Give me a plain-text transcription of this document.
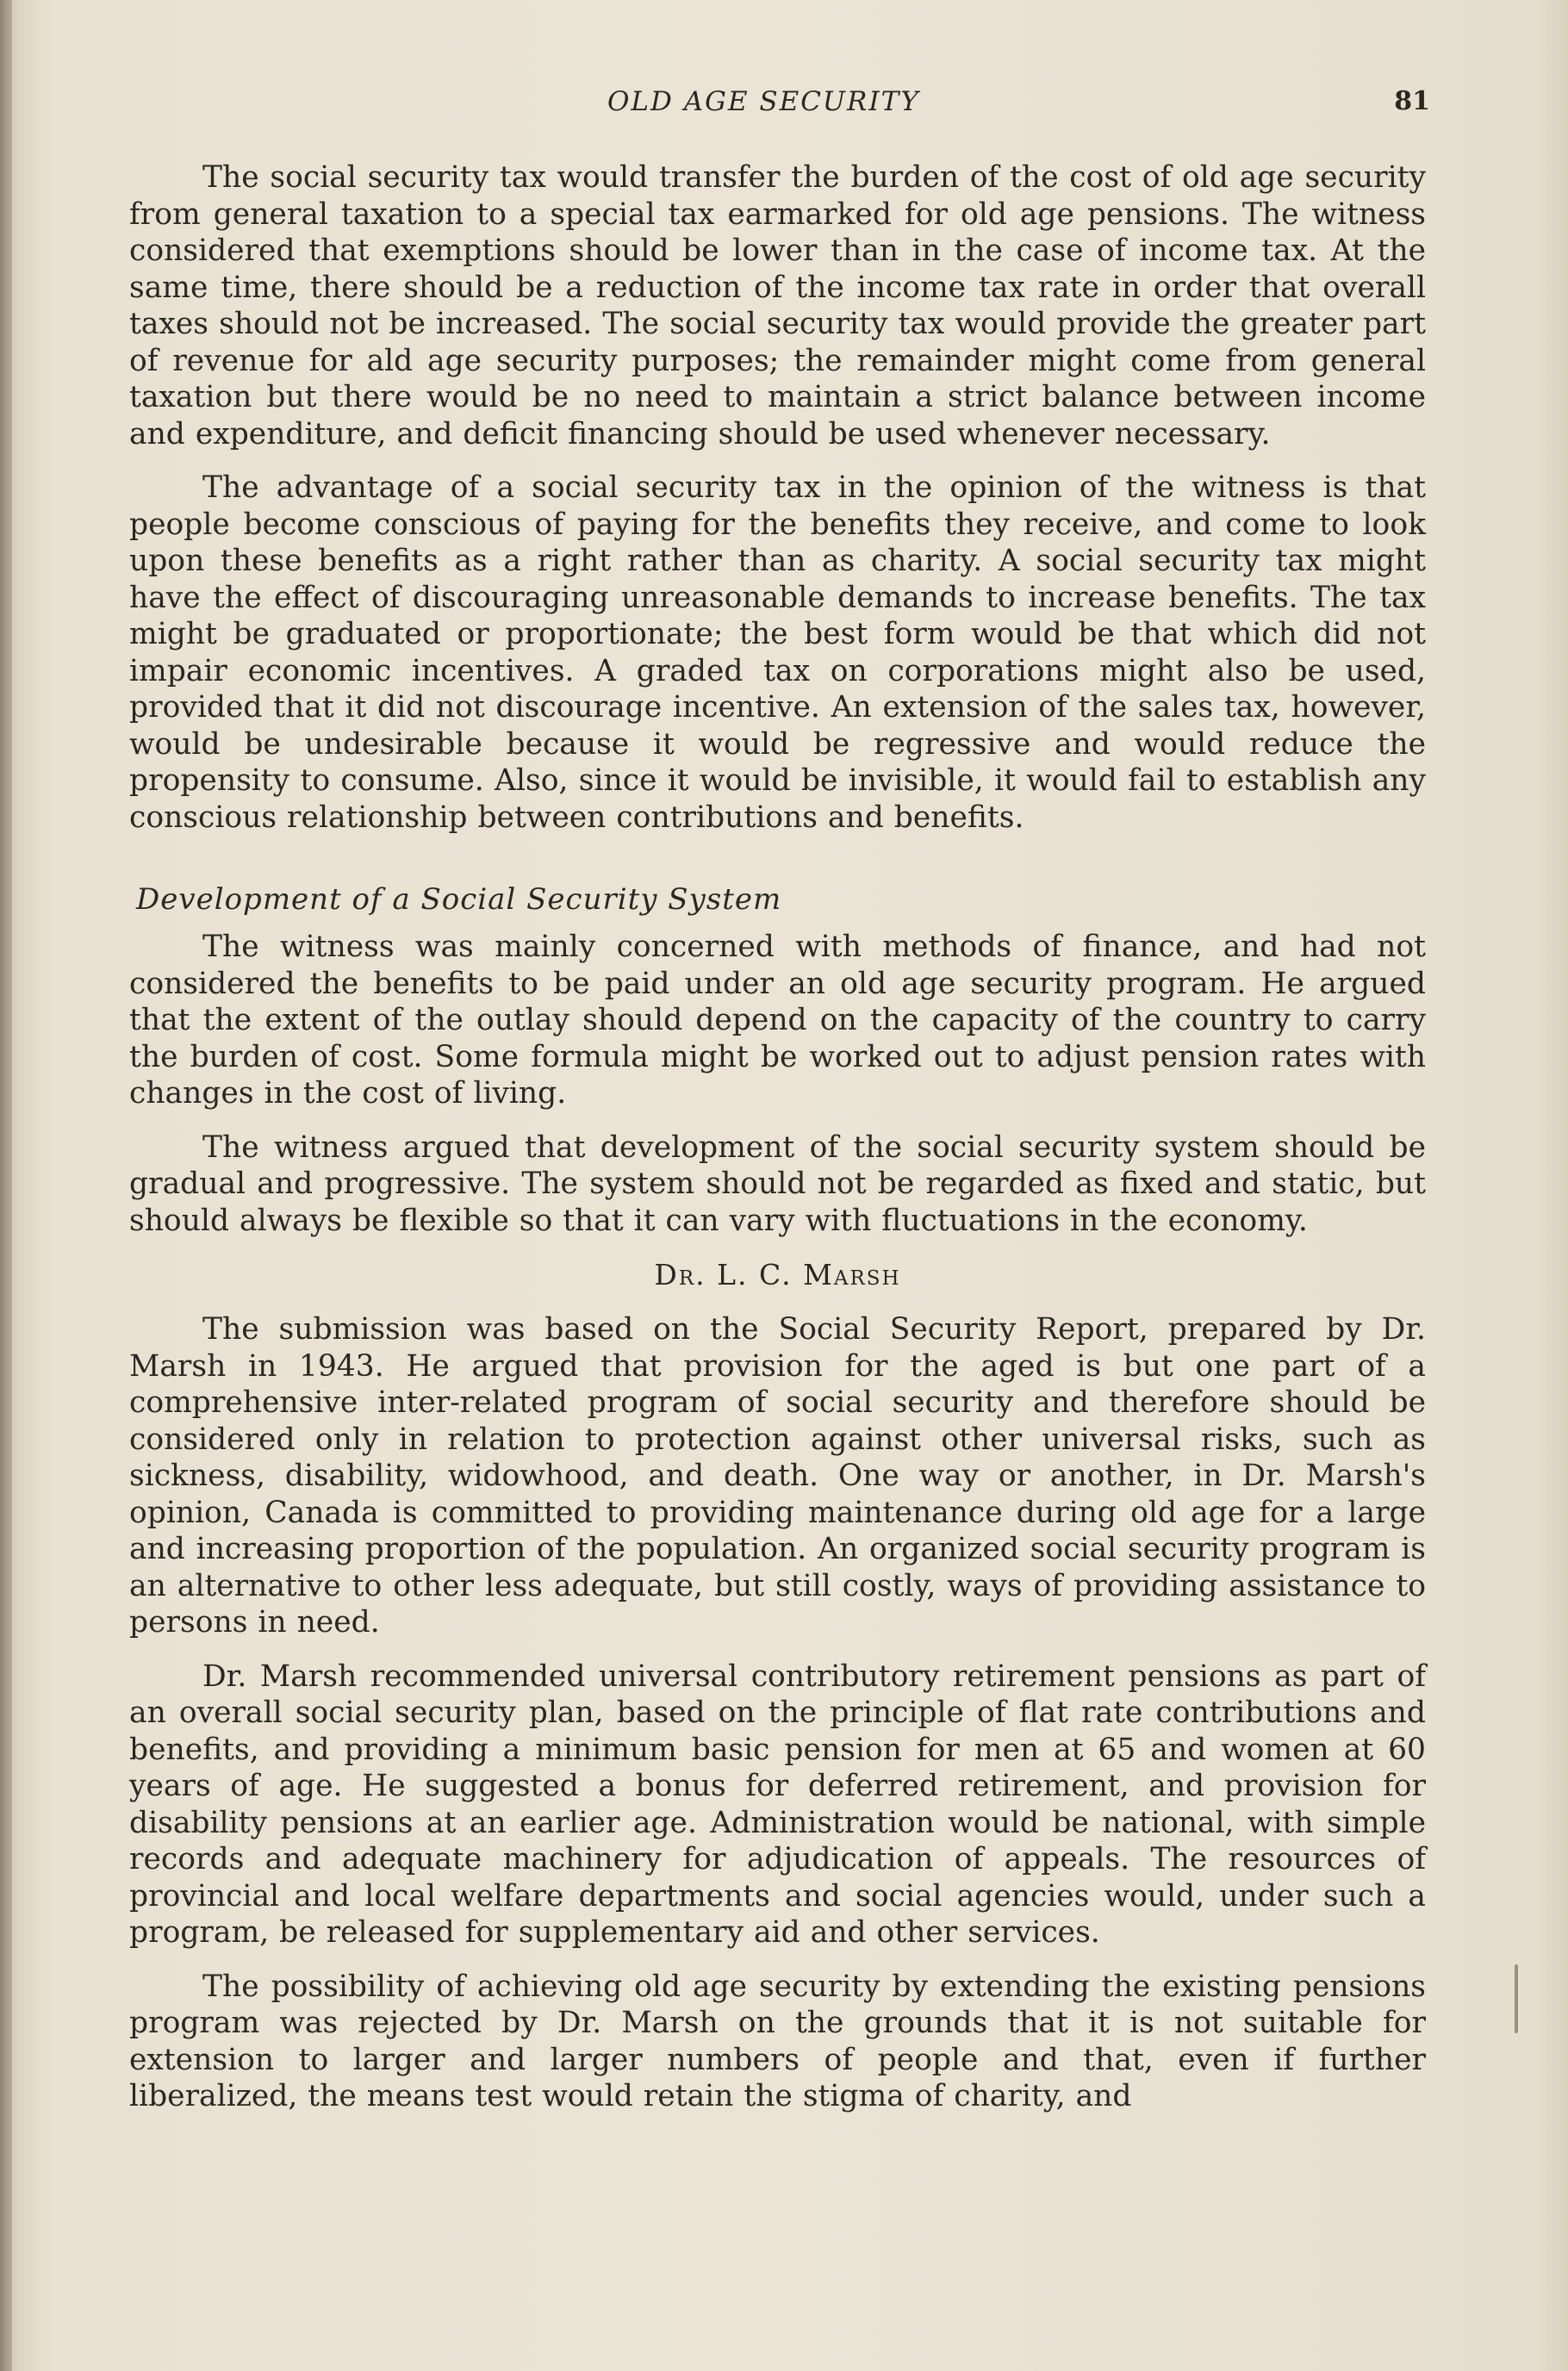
OLD AGE SECURITY	81

The social security tax would transfer the burden of the cost of old age security from general taxation to a special tax earmarked for old age pensions. The witness considered that exemptions should be lower than in the case of income tax. At the same time, there should be a reduction of the income tax rate in order that overall taxes should not be increased. The social security tax would provide the greater part of revenue for ald age security purposes; the remainder might come from general taxation but there would be no need to maintain a strict balance between income and expenditure, and deficit financing should be used whenever necessary.

The advantage of a social security tax in the opinion of the witness is that people become conscious of paying for the benefits they receive, and come to look upon these benefits as a right rather than as charity. A social security tax might have the effect of discouraging unreasonable demands to increase benefits. The tax might be graduated or proportionate; the best form would be that which did not impair economic incentives. A graded tax on corporations might also be used, provided that it did not discourage incentive. An extension of the sales tax, however, would be undesirable because it would be regressive and would reduce the propensity to consume. Also, since it would be invisible, it would fail to establish any conscious relationship between contributions and benefits.

Development of a Social Security System

The witness was mainly concerned with methods of finance, and had not considered the benefits to be paid under an old age security program. He argued that the extent of the outlay should depend on the capacity of the country to carry the burden of cost. Some formula might be worked out to adjust pension rates with changes in the cost of living.

The witness argued that development of the social security system should be gradual and progressive. The system should not be regarded as fixed and static, but should always be flexible so that it can vary with fluctuations in the economy.

Dr. L. C. Marsh

The submission was based on the Social Security Report, prepared by Dr. Marsh in 1943. He argued that provision for the aged is but one part of a comprehensive inter-related program of social security and therefore should be considered only in relation to protection against other universal risks, such as sickness, disability, widowhood, and death. One way or another, in Dr. Marsh's opinion, Canada is committed to providing maintenance during old age for a large and increasing proportion of the population. An organized social security program is an alternative to other less adequate, but still costly, ways of providing assistance to persons in need.

Dr. Marsh recommended universal contributory retirement pensions as part of an overall social security plan, based on the principle of flat rate contributions and benefits, and providing a minimum basic pension for men at 65 and women at 60 years of age. He suggested a bonus for deferred retirement, and provision for disability pensions at an earlier age. Administration would be national, with simple records and adequate machinery for adjudication of appeals. The resources of provincial and local welfare departments and social agencies would, under such a program, be released for supplementary aid and other services.

The possibility of achieving old age security by extending the existing pensions program was rejected by Dr. Marsh on the grounds that it is not suitable for extension to larger and larger numbers of people and that, even if further liberalized, the means test would retain the stigma of charity, and
